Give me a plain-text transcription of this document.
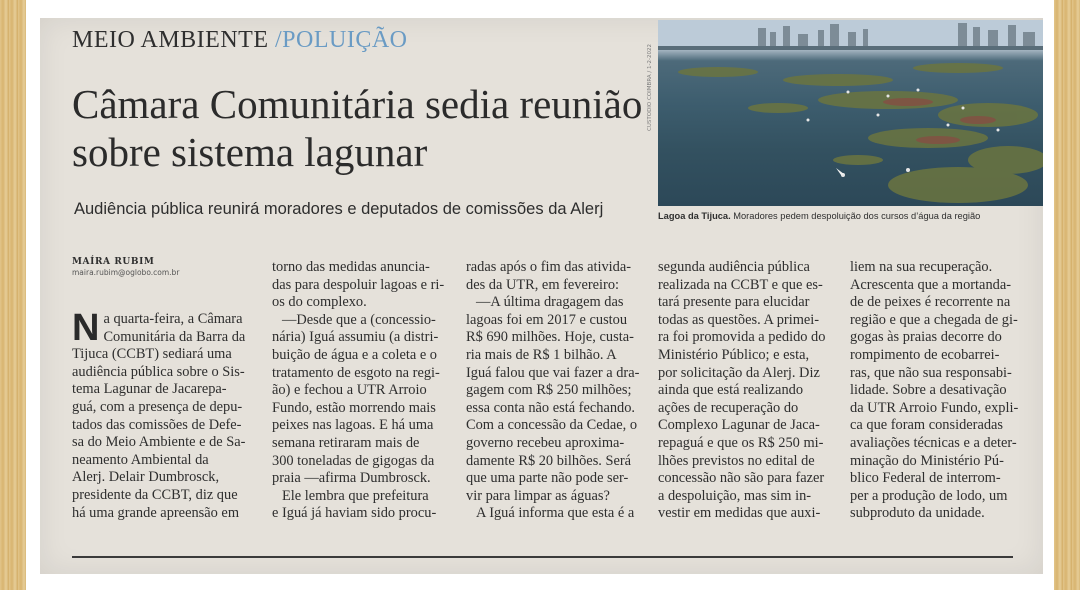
MEIO AMBIENTE /POLUIÇÃO
Câmara Comunitária sedia reunião sobre sistema lagunar
Audiência pública reunirá moradores e deputados de comissões da Alerj
CUSTODIO COIMBRA / 1-2-2022
Lagoa da Tijuca. Moradores pedem despoluição dos cursos d’água da região
MAÍRA RUBIM
maira.rubim@oglobo.com.br
N a quarta-feira, a Câmara
Comunitária da Barra da
Tijuca (CCBT) sediará uma
audiência pública sobre o Sis-
tema Lagunar de Jacarepa-
guá, com a presença de depu-
tados das comissões de Defe-
sa do Meio Ambiente e de Sa-
neamento Ambiental da
Alerj. Delair Dumbrosck,
presidente da CCBT, diz que
há uma grande apreensão em
torno das medidas anuncia-
das para despoluir lagoas e ri-
os do complexo.
—Desde que a (concessio-
nária) Iguá assumiu (a distri-
buição de água e a coleta e o
tratamento de esgoto na regi-
ão) e fechou a UTR Arroio
Fundo, estão morrendo mais
peixes nas lagoas. E há uma
semana retiraram mais de
300 toneladas de gigogas da
praia —afirma Dumbrosck.
Ele lembra que prefeitura
e Iguá já haviam sido procu-
radas após o fim das ativida-
des da UTR, em fevereiro:
—A última dragagem das
lagoas foi em 2017 e custou
R$ 690 milhões. Hoje, custa-
ria mais de R$ 1 bilhão. A
Iguá falou que vai fazer a dra-
gagem com R$ 250 milhões;
essa conta não está fechando.
Com a concessão da Cedae, o
governo recebeu aproxima-
damente R$ 20 bilhões. Será
que uma parte não pode ser-
vir para limpar as águas?
A Iguá informa que esta é a
segunda audiência pública
realizada na CCBT e que es-
tará presente para elucidar
todas as questões. A primei-
ra foi promovida a pedido do
Ministério Público; e esta,
por solicitação da Alerj. Diz
ainda que está realizando
ações de recuperação do
Complexo Lagunar de Jaca-
repaguá e que os R$ 250 mi-
lhões previstos no edital de
concessão não são para fazer
a despoluição, mas sim in-
vestir em medidas que auxi-
liem na sua recuperação.
Acrescenta que a mortanda-
de de peixes é recorrente na
região e que a chegada de gi-
gogas às praias decorre do
rompimento de ecobarrei-
ras, que não sua responsabi-
lidade. Sobre a desativação
da UTR Arroio Fundo, expli-
ca que foram consideradas
avaliações técnicas e a deter-
minação do Ministério Pú-
blico Federal de interrom-
per a produção de lodo, um
subproduto da unidade.
